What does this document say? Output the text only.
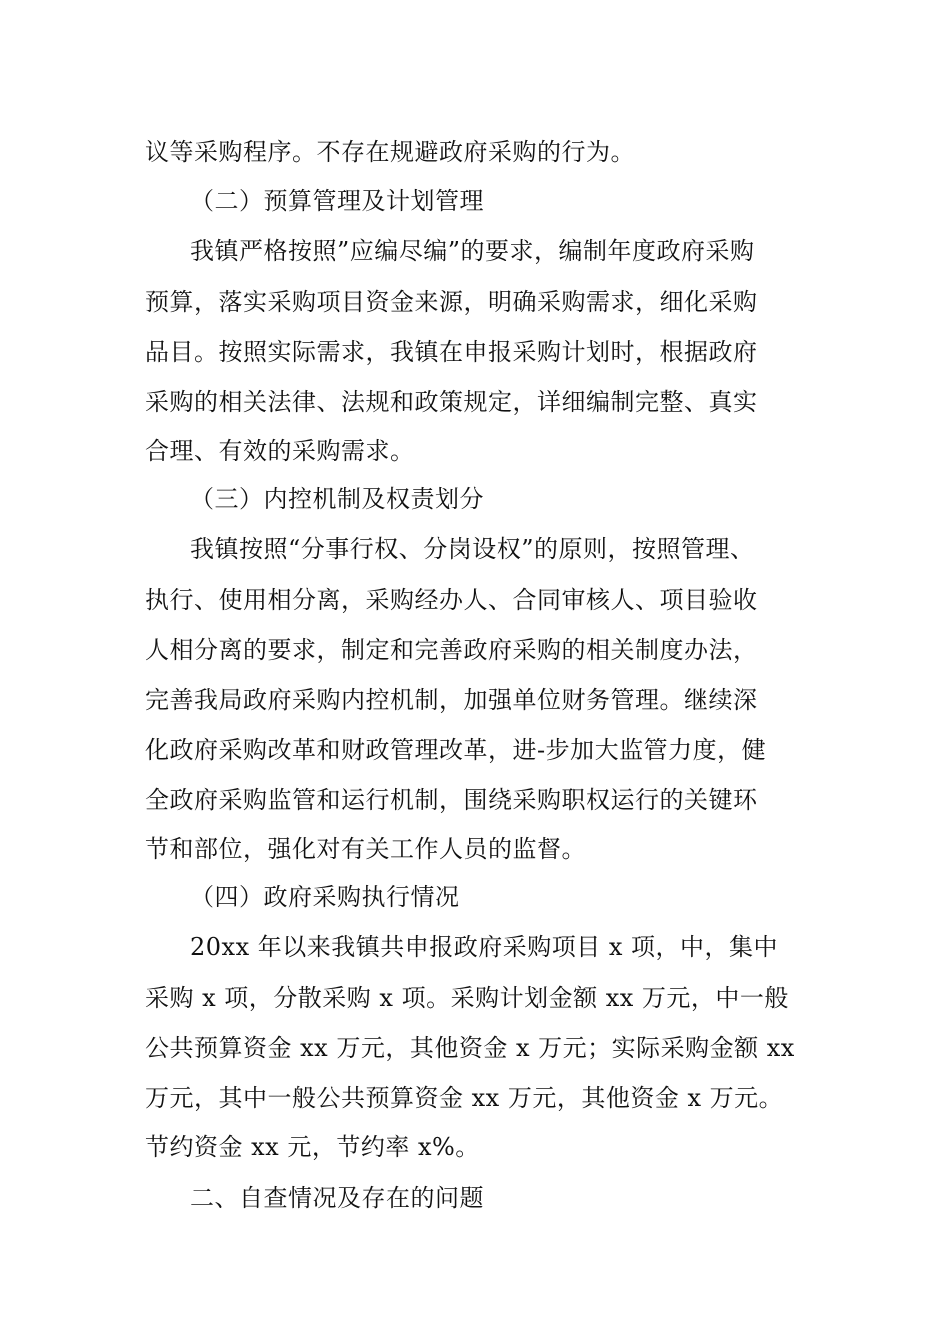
议等采购程序。不存在规避政府采购的行为。
（二）预算管理及计划管理
我镇严格按照”应编尽编”的要求，编制年度政府采购
预算，落实采购项目资金来源，明确采购需求，细化采购
品目。按照实际需求，我镇在申报采购计划时，根据政府
采购的相关法律、法规和政策规定，详细编制完整、真实
合理、有效的采购需求。
（三）内控机制及权责划分
我镇按照“分事行权、分岗设权”的原则，按照管理、
执行、使用相分离，采购经办人、合同审核人、项目验收
人相分离的要求，制定和完善政府采购的相关制度办法，
完善我局政府采购内控机制，加强单位财务管理。继续深
化政府采购改革和财政管理改革，进-步加大监管力度，健
全政府采购监管和运行机制，围绕采购职权运行的关键环
节和部位，强化对有关工作人员的监督。
（四）政府采购执行情况
20xx 年以来我镇共申报政府采购项目 x 项，中，集中
采购 x 项，分散采购 x 项。采购计划金额 xx 万元，中一般
公共预算资金 xx 万元，其他资金 x 万元；实际采购金额 xx
万元，其中一般公共预算资金 xx 万元，其他资金 x 万元。
节约资金 xx 元，节约率 x%。
二、自查情况及存在的问题
